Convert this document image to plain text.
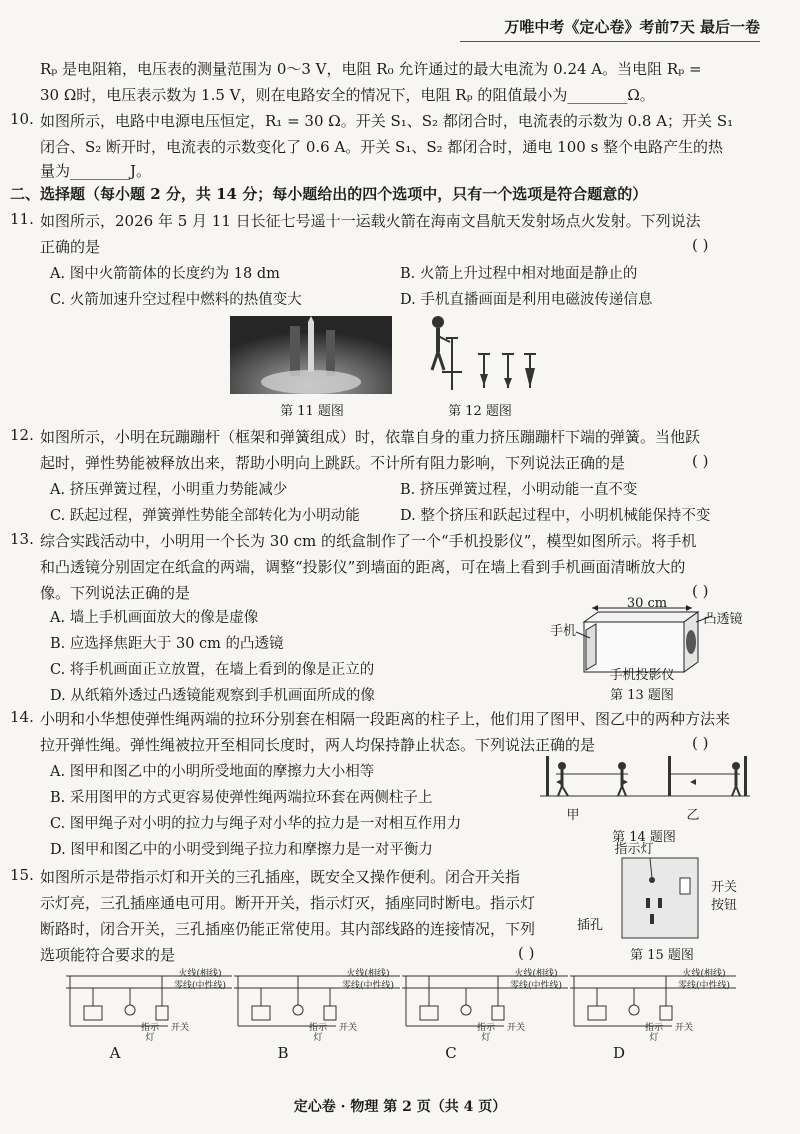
万唯中考《定心卷》考前7天 最后一卷
Rₚ 是电阻箱，电压表的测量范围为 0～3 V，电阻 R₀ 允许通过的最大电流为 0.24 A。当电阻 Rₚ =
30 Ω时，电压表示数为 1.5 V，则在电路安全的情况下，电阻 Rₚ 的阻值最小为________Ω。
10. 如图所示，电路中电源电压恒定，R₁ = 30 Ω。开关 S₁、S₂ 都闭合时，电流表的示数为 0.8 A；开关 S₁
闭合、S₂ 断开时，电流表的示数变化了 0.6 A。开关 S₁、S₂ 都闭合时，通电 100 s 整个电路产生的热
量为________J。
二、选择题（每小题 2 分，共 14 分；每小题给出的四个选项中，只有一个选项是符合题意的）
11. 如图所示，2026 年 5 月 11 日长征七号遥十一运载火箭在海南文昌航天发射场点火发射。下列说法
正确的是	( )
A. 图中火箭箭体的长度约为 18 dm	B. 火箭上升过程中相对地面是静止的
C. 火箭加速升空过程中燃料的热值变大	D. 手机直播画面是利用电磁波传递信息
第 11 题图	第 12 题图
12. 如图所示，小明在玩蹦蹦杆（框架和弹簧组成）时，依靠自身的重力挤压蹦蹦杆下端的弹簧。当他跃
起时，弹性势能被释放出来，帮助小明向上跳跃。不计所有阻力影响，下列说法正确的是	( )
A. 挤压弹簧过程，小明重力势能减少	B. 挤压弹簧过程，小明动能一直不变
C. 跃起过程，弹簧弹性势能全部转化为小明动能	D. 整个挤压和跃起过程中，小明机械能保持不变
13. 综合实践活动中，小明用一个长为 30 cm 的纸盒制作了一个“手机投影仪”，模型如图所示。将手机
和凸透镜分别固定在纸盒的两端，调整“投影仪”到墙面的距离，可在墙上看到手机画面清晰放大的
像。下列说法正确的是	( )
A. 墙上手机画面放大的像是虚像
B. 应选择焦距大于 30 cm 的凸透镜
C. 将手机画面正立放置，在墙上看到的像是正立的
D. 从纸箱外透过凸透镜能观察到手机画面所成的像
30 cm
手机
凸透镜
手机投影仪
第 13 题图
14. 小明和小华想使弹性绳两端的拉环分别套在相隔一段距离的柱子上，他们用了图甲、图乙中的两种方法来
拉开弹性绳。弹性绳被拉开至相同长度时，两人均保持静止状态。下列说法正确的是	( )
A. 图甲和图乙中的小明所受地面的摩擦力大小相等
B. 采用图甲的方式更容易使弹性绳两端拉环套在两侧柱子上
C. 图甲绳子对小明的拉力与绳子对小华的拉力是一对相互作用力
D. 图甲和图乙中的小明受到绳子拉力和摩擦力是一对平衡力
甲	乙
第 14 题图
15. 如图所示是带指示灯和开关的三孔插座，既安全又操作便利。闭合开关指
示灯亮，三孔插座通电可用。断开开关，指示灯灭，插座同时断电。指示灯
断路时，闭合开关，三孔插座仍能正常使用。其内部线路的连接情况，下列
选项能符合要求的是	( )
指示灯
开关
按钮
插孔
第 15 题图
火线(相线)
零线(中性线)
火线(相线)
零线(中性线)
火线(相线)
零线(中性线)
火线(相线)
零线(中性线)
指示
灯
开关	指示
灯
开关	指示
灯
开关	指示
灯
开关
A	B	C	D
定心卷 · 物理 第 2 页（共 4 页）
